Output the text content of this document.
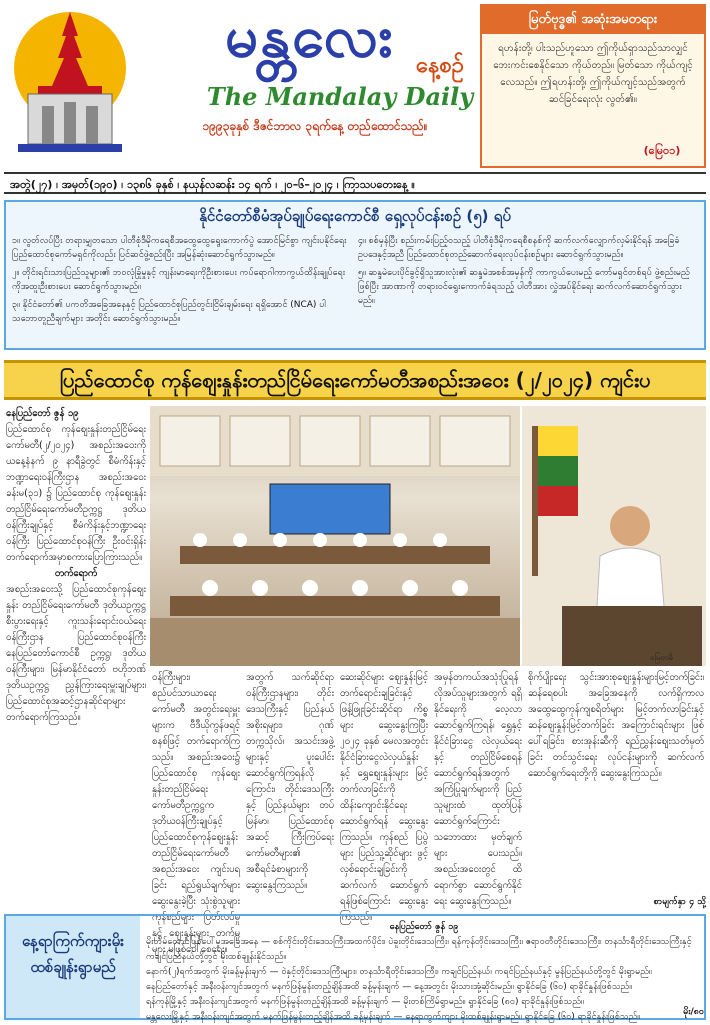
မန္တလေး နေ့စဉ်
The Mandalay Daily
၁၉၉၃ခုနှစ် ဒီဇင်ဘာလ ၃ရက်နေ့ တည်ထောင်သည်။
မြတ်ဗုဒ္ဓ၏ အဆုံးအမတရား
ရဟန်းတို့၊ ပါးသည်ဟူသော ဤကိုယ်ရှာသည်သာလျှင် ဘေးကင်းစေနိုင်သော ကိုယ်တည်။ မြတ်သော ကိုယ်ကျင့်လေသည်။ ဤရဟန်းတို့၊ ဤကိုယ်ကျင့်သည်အတွက် ဆင်ခြင်ရေးလုံး လွတ်၏။
(မြေဝ၁)
အတွဲ(၂၇) ၊ အမှတ်(၁၉၀) ၊ ၁၃၈၆ ခုနှစ် ၊ နယုန်လဆန်း ၁၄ ရက် ၊ ၂၀–၆–၂၀၂၄ ၊ ကြာသပတေးနေ့ ။
နိုင်ငံတော်စီမံအုပ်ချုပ်ရေးကောင်စီ ရှေ့လုပ်ငန်းစဉ် (၅) ရပ်

၁။ လွတ်လပ်ပြီး တရားမျှတသော ပါတီစုံဒီမိုကရေစီအထွေထွေရွေးကောက်ပွဲ အောင်မြင်စွာ ကျင်းပနိုင်ရေး ပြည်ထောင်စုကော်မရှင်ကိုလည်း ပြင်ဆင်ဖွဲ့စည်းပြီး အမြန်ဆုံးဆောင်ရွက်သွားမည်။

၂။ တိုင်းရင်းသားပြည်သူများ၏ ဘဝလုံခြုံမှုနှင့် ကျန်းမာရေးကိုဦးစားပေး ကပ်ရောဂါကာကွယ်ထိန်းချုပ်ရေးကိုအထူးဦးစားပေး ဆောင်ရွက်သွားမည်။

၃။ နိုင်ငံတော်၏ ပကတိအခြေအနေနှင့် ပြည်ထောင်စုပြည်တွင်းငြိမ်းချမ်းရေး ရရှိအောင် (NCA) ပါ သဘောတူညီချက်များ အတိုင်း ဆောင်ရွက်သွားမည်။

၄။ စစ်မှန်ပြီး စည်းကမ်းပြည့်ဝသည့် ပါတီစုံဒီမိုကရေစီစနစ်ကို ဆက်လက်လျှောက်လှမ်းနိုင်ရန် အခြေခံဥပဒေနှင့်အညီ ပြည်ထောင်စုတည်ဆောက်ရေးလုပ်ငန်းစဉ်များ ဆောင်ရွက်သွားမည်။

၅။ ဆန္ဒမဲပေးပိုင်ခွင့်ရှိသူအားလုံး၏ ဆန္ဒမဲအစစ်အမှန်ကို ကာကွယ်ပေးမည့် ကော်မရှင်တစ်ရပ် ဖွဲ့စည်းမည်ဖြစ်ပြီး အာဏာကို တရားဝင်ရွေးကောက်ခံရသည့် ပါတီအား လွှဲအပ်နိုင်ရေး ဆက်လက်ဆောင်ရွက်သွားမည်။

ပြည်ထောင်စု ကုန်စျေးနှုန်းတည်ငြိမ်ရေးကော်မတီအစည်းအဝေး (၂/၂၀၂၄) ကျင်းပ
မြေဝာဓိ
နေပြည်တော် ဇွန် ၁၉
ပြည်ထောင်စု ကုန်စျေးနှုန်းတည်ငြိမ်ရေးကော်မတီ(၂/၂၀၂၄) အစည်းအဝေးကို ယနေ့နံနက် ၉ နာရီခွဲတွင် စီမံကိန်းနှင့်ဘဏ္ဍာရေးဝန်ကြီးဌာန အစည်းအဝေးခန်းမ(၃၁) ၌ ပြည်ထောင်စု ကုန်စျေးနှုန်းတည်ငြိမ်ရေးကော်မတီဥက္ကဋ္ဌ ဒုတိယဝန်ကြီးချုပ်နှင့် စီမံကိန်းနှင့်ဘဏ္ဍာရေးဝန်ကြီး ပြည်ထောင်စုဝန်ကြီး ဦးဝင်းရှိန်း တက်ရောက်အမှာစကားပြောကြားသည်။
တက်ရောက်
အစည်းအဝေးသို့ ပြည်ထောင်စုကုန်စျေးနှုန်း တည်ငြိမ်ရေးကော်မတီ ဒုတိယဥက္ကဋ္ဌ စီးပွားရေးနှင့် ကူးသန်းရောင်းဝယ်ရေးဝန်ကြီးဌာန ပြည်ထောင်စုဝန်ကြီး နေပြည်တော်ကောင်စီ ဥက္ကဋ္ဌ၊ ဒုတိယဝန်ကြီးများ၊ မြန်မာနိုင်ငံတော် ဗဟိုဘဏ်ဒုတိယဥက္ကဋ္ဌ ညွှန်ကြားရေးမှူးချုပ်များ၊ ပြည်ထောင်စုအဆင့်ဌာနဆိုင်ရာများ တက်ရောက်ကြသည်။
ဝန်ကြီးများ၊ စည်ပင်သာယာရေးကော်မတီ အတွင်းရေးမှူးများက ဗီဒီယိုကွန်ဖရင့်စနစ်ဖြင့် တက်ရောက်ကြသည်။ အစည်းအဝေး၌ ပြည်ထောင်စု ကုန်စျေးနှုန်းတည်ငြိမ်ရေးကော်မတီဥက္ကဋ္ဌက ဒုတိယဝန်ကြီးချုပ်နှင့် ပြည်ထောင်စုကုန်စျေးနှုန်းတည်ငြိမ်ရေးကော်မတီ အစည်းအဝေး ကျင်းပရခြင်း ရည်ရွယ်ချက်များ ဆွေးနွေးခဲ့ပြီး သုံးစွဲသူများ ကုန်စည်များ ပြတ်လပ်မှုနှင့် စျေးနှုန်းများ တက်မှုများ မဖြစ်ပေါ်စေရေး။
အတွက် သက်ဆိုင်ရာ ဝန်ကြီးဌာနများ၊ တိုင်းဒေသကြီးနှင့် ပြည်နယ်အစိုးရများ၊ ဂုဏ်တက္ကသိုလ်၊ အသင်းအဖွဲ့များနှင့် ပူးပေါင်းဆောင်ရွက်ကြရန်လိုကြောင်း၊ တိုင်းဒေသကြီးနှင့် ပြည်နယ်များ တပ်မြန်မာ၊ ပြည်ထောင်စုအဆင့် ကြီးကြပ်ရေး ကော်မတီများ၏ အစီရင်ခံစာများကို ဆွေးနွေးကြသည်။
ဆေးဆိုင်များ စျေးနှုန်းမြင့်တက်ရောင်းချခြင်းနှင့် ဖြန့်ဖြူးခြင်းဆိုင်ရာ ကိစ္စများ ဆွေးနွေးကြပြီး ၂၀၂၄ ခုနှစ် မေလအတွင်း နိုင်ငံခြားငွေလဲလှယ်နှုန်းနှင့် ရွှေစျေးနှုန်းများ မြင့်တက်လာခြင်းကို ထိန်းကျောင်းနိုင်ရေး ဆောင်ရွက်ရန် ဆွေးနွေးကြသည်။ ကုန်စည် ပြပွဲများ ပြည်သူ့ဆိုင်များ ဖွင့်လှစ်ရောင်းချခြင်းကို ဆက်လက် ဆောင်ရွက်ရန်ဖြစ်ကြောင်း ဆွေးနွေးကြသည်။
အမှန်တကယ်အသုံးပြုရန် လိုအပ်သူများအတွက် ရရှိနိုင်ရေးကို လေ့လာဆောင်ရွက်ကြရန်၊ ရွှေနှင့် နိုင်ငံခြားငွေ လဲလှယ်ရေးနှင့် တည်ငြိမ်စေရန် ဆောင်ရွက်ရန်အတွက် အကြံပြုချက်များကို ပြည်သူများထံ ထုတ်ပြန် ဆောင်ရွက်ကြောင်း သဘောထား မှတ်ချက်များ ပေးသည်။ အစည်းအဝေးတွင် ထိရောက်စွာ ဆောင်ရွက်နိုင်ရေး ဆွေးနွေးကြသည်။
စိုက်ပျိုးရေး သွင်းအားစုစျေးနှုန်းများမြင့်တက်ခြင်း၊ ဆန်ရေစပါး အခြေအနေကို လက်ရှိကာလ အထွေထွေကုန်ကျစရိတ်များ မြင့်တက်လာခြင်းနှင့် ဆန်စျေးနှုန်းမြင့်တက်ခြင်း အကြောင်းရင်းများ ဖြစ်ပေါ်ရခြင်း၊ စားအုန်းဆီကို ရည်ညွှန်းစျေးသတ်မှတ်ခြင်း တင်သွင်းရေး လုပ်ငန်းများကို ဆက်လက်ဆောင်ရွက်ရေးတို့ကို ဆွေးနွေးကြသည်။
စာမျက်နှာ ၄ သို့
နေ့ရာကြက်ကျားမိုးထစ်ချုန်းရွာမည်

နေပြည်တော် ဇွန် ၁၉

မိုးတိမ်တောင်ဖြစ်ပေါ်မှုအခြေအနေ — စစ်ကိုင်းတိုင်းဒေသကြီးအထက်ပိုင်း၊ ပဲခူးတိုင်းဒေသကြီး၊ ရန်ကုန်တိုင်းဒေသကြီး၊ ဧရာဝတီတိုင်းဒေသကြီး၊ တနင်္သာရီတိုင်းဒေသကြီးနှင့် ကချင်ပြည်နယ်တို့တွင် မိုးထစ်ချုန်းနိုင်သည်။

နောက်(၂)ရက်အတွက် မိုးခန့်မှန်းချက် — ဝဲနှင့်တိုင်းဒေသကြီးများ၊ တနင်္သာရီတိုင်းဒေသကြီး၊ ကချင်ပြည်နယ်၊ ကရင်ပြည်နယ်နှင့် မွန်ပြည်နယ်တို့တွင် မိုးရွာမည်။

နေပြည်တော်နှင့် အနီးဝန်းကျင်အတွက် မနက်ဖြန်မွန်းတည့်ချိန်အထိ ခန့်မှန်းချက် — နေ့အတွင်း မိုးသားအုံ့ဆိုင်းမည်။ ရွာနိုင်ခြေ (၆၀) ရာခိုင်နှုန်းဖြစ်သည်။

ရန်ကုန်မြို့နှင့် အနီးဝန်းကျင်အတွက် မနက်ဖြန်မွန်းတည့်ချိန်အထိ ခန့်မှန်းချက် — မိုးတစ်ကြိမ်ရွာမည်။ ရွာနိုင်ခြေ (၈၀) ရာခိုင်နှုန်းဖြစ်သည်။

မန္တလေးမြို့နှင့် အနီးဝန်းကျင်အတွက် မနက်ဖြန်မွန်းတည့်ချိန်အထိ ခန့်မှန်းချက် — နေရာကွက်ကျား မိုးထစ်ချုန်းရွာမည်။ ရွာနိုင်ခြေ (၆၀) ရာခိုင်နှုန်းဖြစ်သည်။	မိုး/၈၀
